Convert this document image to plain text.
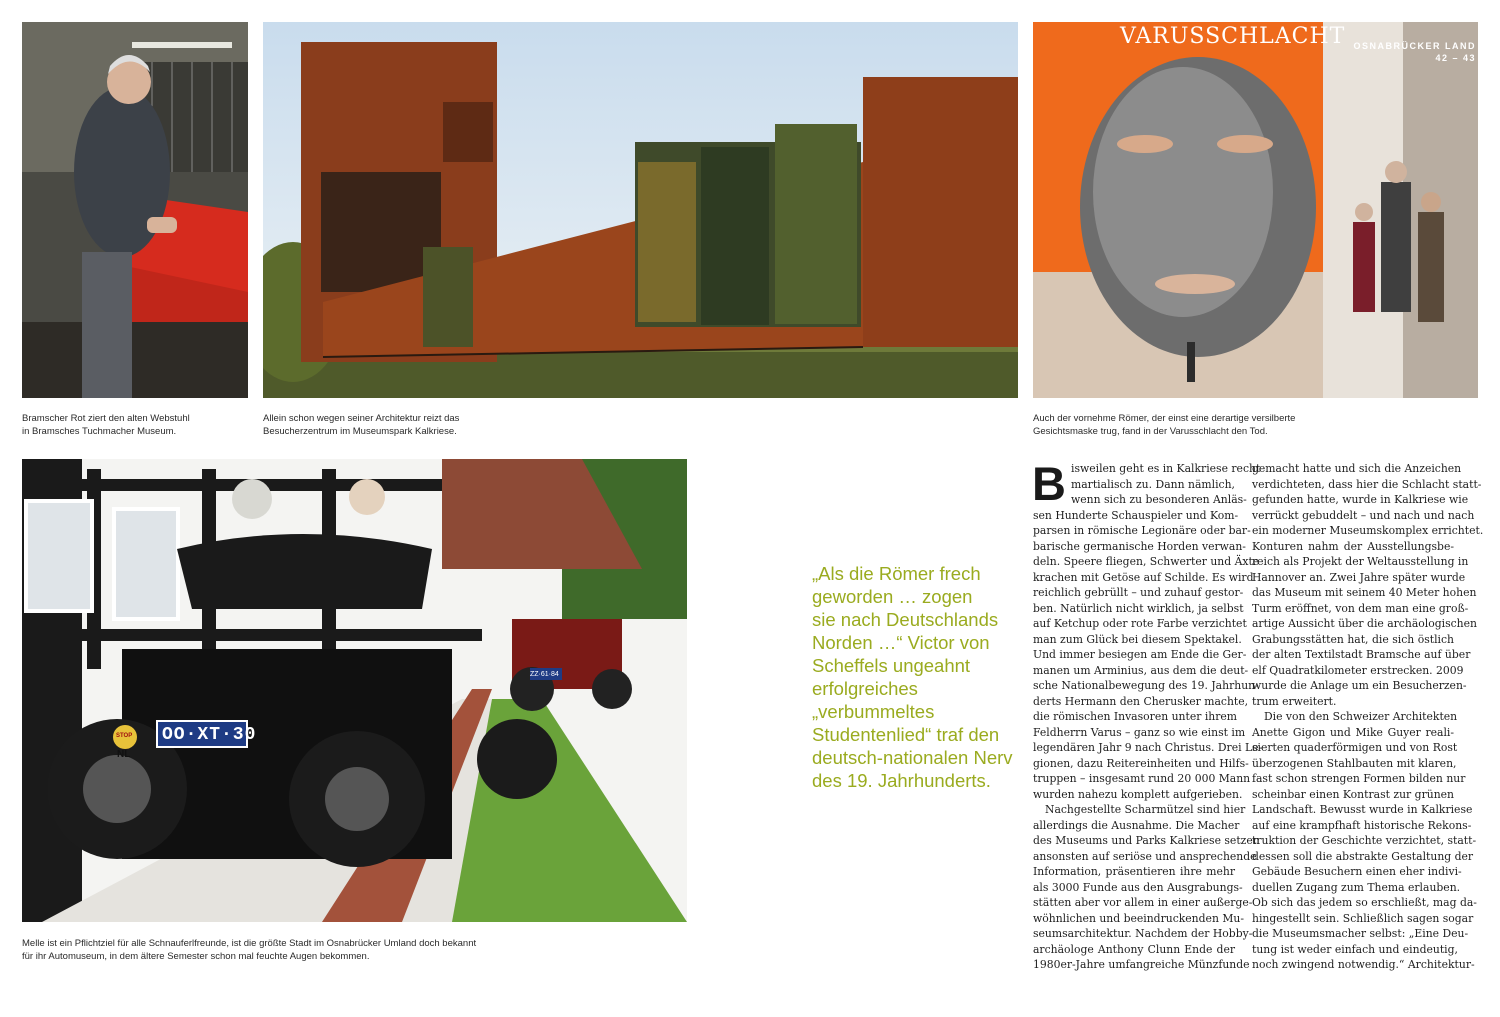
VARUSSCHLACHT OSNABRÜCKER LAND
42 – 43
Bramscher Rot ziert den alten Webstuhl
in Bramsches Tuchmacher Museum.
Allein schon wegen seiner Architektur reizt das
Besucherzentrum im Museumspark Kalkriese.
Auch der vornehme Römer, der einst eine derartige versilberte
Gesichtsmaske trug, fand in der Varusschlacht den Tod.
OO·XT·30
ZZ·61·84
STOP
NL
Melle ist ein Pflichtziel für alle Schnauferlfreunde, ist die größte Stadt im Osnabrücker Umland doch bekannt
für ihr Automuseum, in dem ältere Semester schon mal feuchte Augen bekommen.
„Als die Römer frech
geworden … zogen
sie nach Deutschlands
Norden …“ Victor von
Scheffels ungeahnt
erfolgreiches
„verbummeltes
Studentenlied“ traf den
deutsch-nationalen Nerv
des 19. Jahrhunderts.
B isweilen geht es in Kalkriese recht
martialisch zu. Dann nämlich,
wenn sich zu besonderen Anläs-
sen Hunderte Schauspieler und Kom-
parsen in römische Legionäre oder bar-
barische germanische Horden verwan-
deln. Speere fliegen, Schwerter und Äxte
krachen mit Getöse auf Schilde. Es wird
reichlich gebrüllt – und zuhauf gestor-
ben. Natürlich nicht wirklich, ja selbst
auf Ketchup oder rote Farbe verzichtet
man zum Glück bei diesem Spektakel.
Und immer besiegen am Ende die Ger-
manen um Arminius, aus dem die deut-
sche Nationalbewegung des 19. Jahrhun-
derts Hermann den Cherusker machte,
die römischen Invasoren unter ihrem
Feldherrn Varus – ganz so wie einst im
legendären Jahr 9 nach Christus. Drei Le-
gionen, dazu Reitereinheiten und Hilfs-
truppen – insgesamt rund 20 000 Mann
wurden nahezu komplett aufgerieben.
Nachgestellte Scharmützel sind hier
allerdings die Ausnahme. Die Macher
des Museums und Parks Kalkriese setzen
ansonsten auf seriöse und ansprechende
Information, präsentieren ihre mehr
als 3000 Funde aus den Ausgrabungs-
stätten aber vor allem in einer außerge-
wöhnlichen und beeindruckenden Mu-
seumsarchitektur. Nachdem der Hobby-
archäologe Anthony Clunn Ende der
1980er-Jahre umfangreiche Münzfunde
gemacht hatte und sich die Anzeichen
verdichteten, dass hier die Schlacht statt-
gefunden hatte, wurde in Kalkriese wie
verrückt gebuddelt – und nach und nach
ein moderner Museumskomplex errichtet.
Konturen nahm der Ausstellungsbe-
reich als Projekt der Weltausstellung in
Hannover an. Zwei Jahre später wurde
das Museum mit seinem 40 Meter hohen
Turm eröffnet, von dem man eine groß-
artige Aussicht über die archäologischen
Grabungsstätten hat, die sich östlich
der alten Textilstadt Bramsche auf über
elf Quadratkilometer erstrecken. 2009
wurde die Anlage um ein Besucherzen-
trum erweitert.
Die von den Schweizer Architekten
Anette Gigon und Mike Guyer reali-
sierten quaderförmigen und von Rost
überzogenen Stahlbauten mit klaren,
fast schon strengen Formen bilden nur
scheinbar einen Kontrast zur grünen
Landschaft. Bewusst wurde in Kalkriese
auf eine krampfhaft historische Rekons-
truktion der Geschichte verzichtet, statt-
dessen soll die abstrakte Gestaltung der
Gebäude Besuchern einen eher indivi-
duellen Zugang zum Thema erlauben.
Ob sich das jedem so erschließt, mag da-
hingestellt sein. Schließlich sagen sogar
die Museumsmacher selbst: „Eine Deu-
tung ist weder einfach und eindeutig,
noch zwingend notwendig.“ Architektur-
